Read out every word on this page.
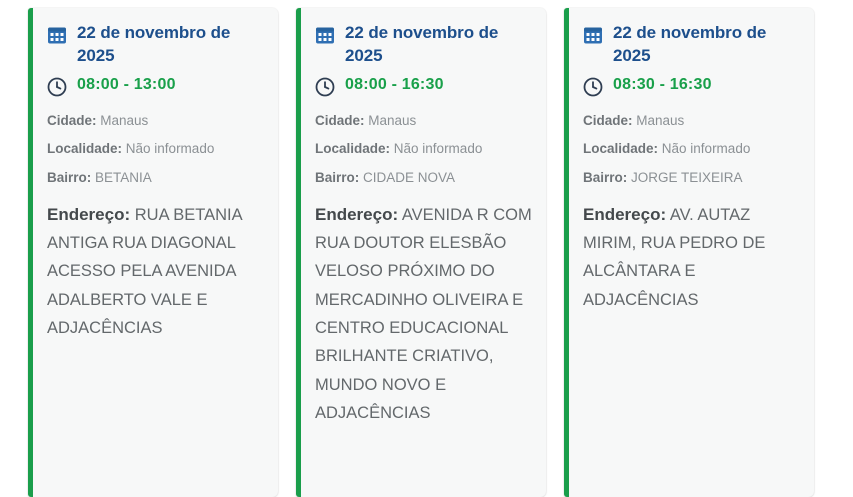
22 de novembro de 2025
08:00 - 13:00
Cidade: Manaus
Localidade: Não informado
Bairro: BETANIA
Endereço: RUA BETANIA ANTIGA RUA DIAGONAL ACESSO PELA AVENIDA ADALBERTO VALE E ADJACÊNCIAS
22 de novembro de 2025
08:00 - 16:30
Cidade: Manaus
Localidade: Não informado
Bairro: CIDADE NOVA
Endereço: AVENIDA R COM RUA DOUTOR ELESBÃO VELOSO PRÓXIMO DO MERCADINHO OLIVEIRA E CENTRO EDUCACIONAL BRILHANTE CRIATIVO, MUNDO NOVO E ADJACÊNCIAS
22 de novembro de 2025
08:30 - 16:30
Cidade: Manaus
Localidade: Não informado
Bairro: JORGE TEIXEIRA
Endereço: AV. AUTAZ MIRIM, RUA PEDRO DE ALCÂNTARA E ADJACÊNCIAS
